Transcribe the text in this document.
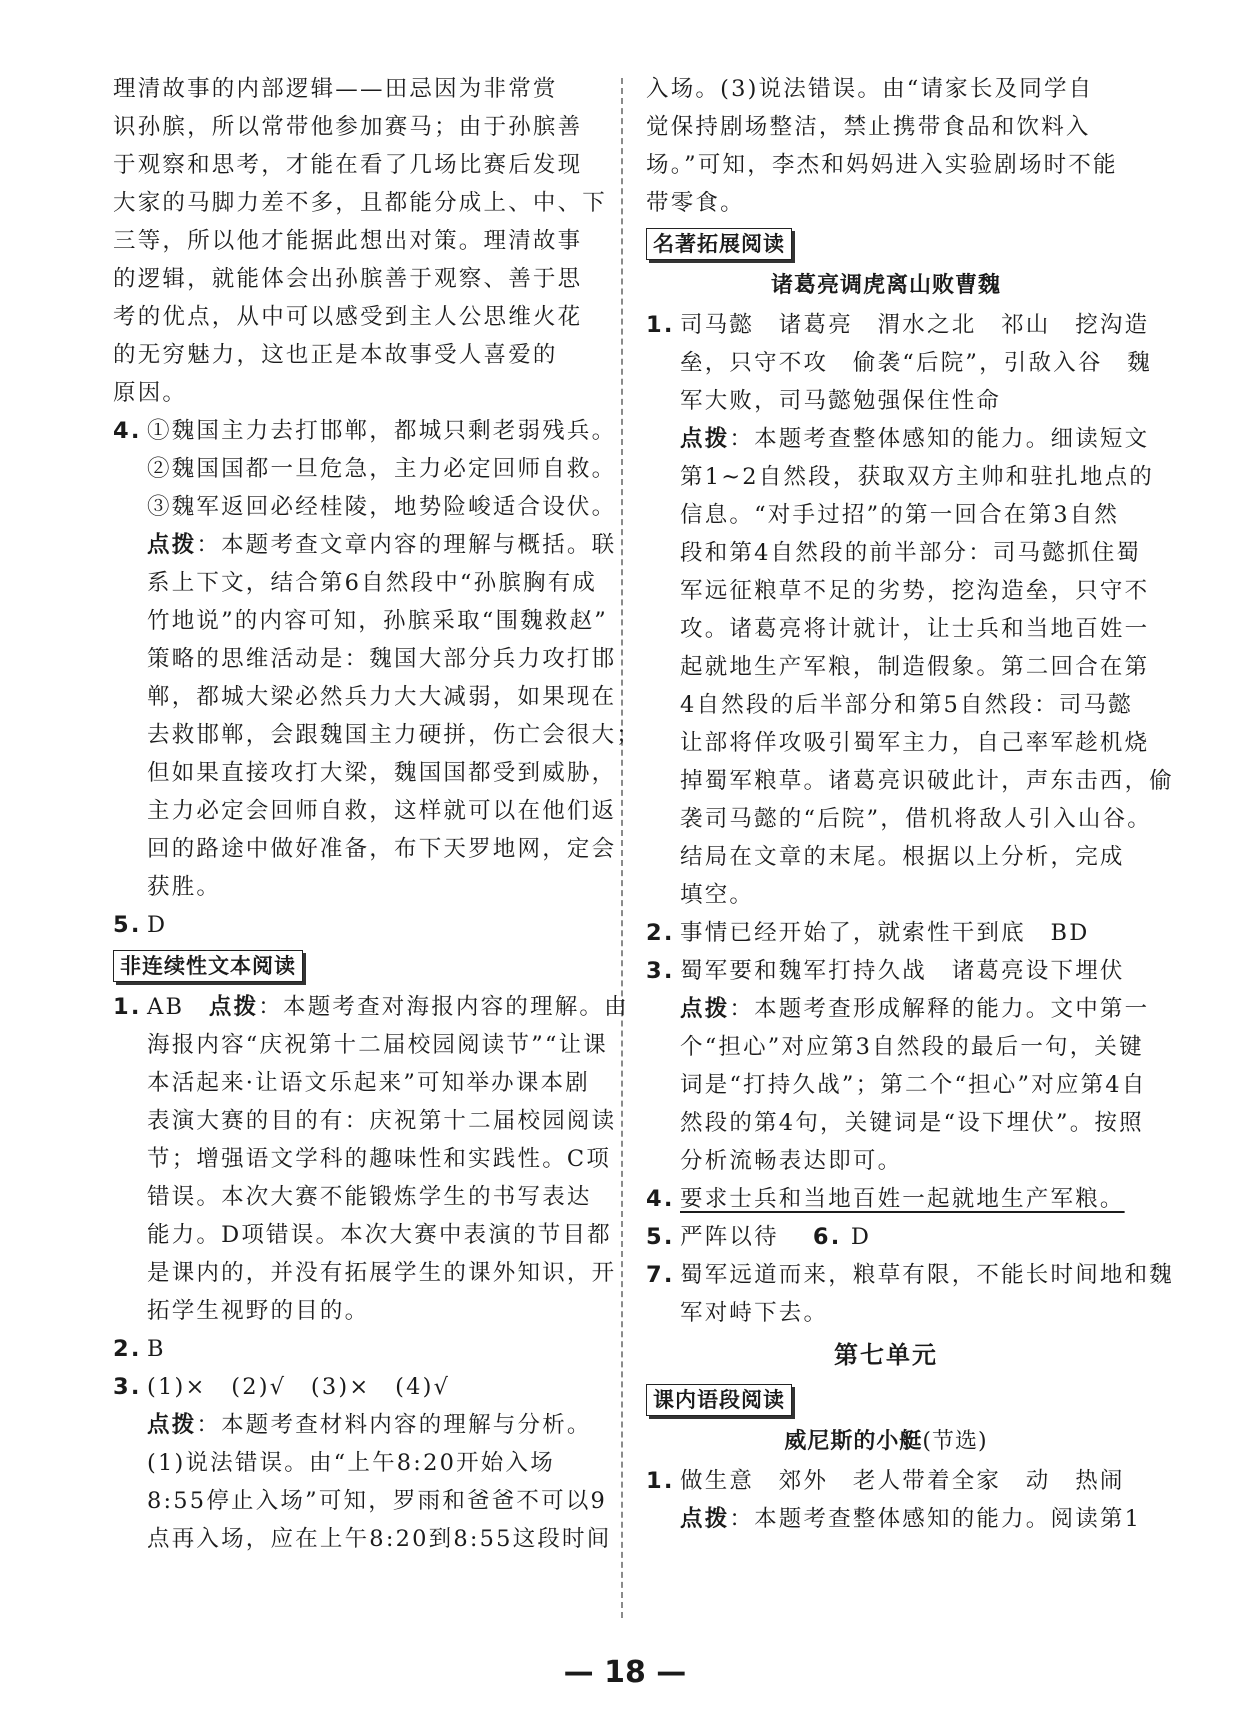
理清故事的内部逻辑——田忌因为非常赏
识孙膑，所以常带他参加赛马；由于孙膑善
于观察和思考，才能在看了几场比赛后发现
大家的马脚力差不多，且都能分成上、中、下
三等，所以他才能据此想出对策。理清故事
的逻辑，就能体会出孙膑善于观察、善于思
考的优点，从中可以感受到主人公思维火花
的无穷魅力，这也正是本故事受人喜爱的
原因。
4. ①魏国主力去打邯郸，都城只剩老弱残兵。
②魏国国都一旦危急，主力必定回师自救。
③魏军返回必经桂陵，地势险峻适合设伏。
点拨：本题考查文章内容的理解与概括。联
系上下文，结合第6自然段中“孙膑胸有成
竹地说”的内容可知，孙膑采取“围魏救赵”
策略的思维活动是：魏国大部分兵力攻打邯
郸，都城大梁必然兵力大大减弱，如果现在
去救邯郸，会跟魏国主力硬拼，伤亡会很大；
但如果直接攻打大梁，魏国国都受到威胁，
主力必定会回师自救，这样就可以在他们返
回的路途中做好准备，布下天罗地网，定会
获胜。
5. D
非连续性文本阅读
1. AB　 点拨：本题考查对海报内容的理解。由
海报内容“庆祝第十二届校园阅读节”“让课
本活起来·让语文乐起来”可知举办课本剧
表演大赛的目的有：庆祝第十二届校园阅读
节；增强语文学科的趣味性和实践性。C项
错误。本次大赛不能锻炼学生的书写表达
能力。D项错误。本次大赛中表演的节目都
是课内的，并没有拓展学生的课外知识，开
拓学生视野的目的。
2. B
3. (1)×　(2)√　(3)×　(4)√
点拨：本题考查材料内容的理解与分析。
(1)说法错误。由“上午8:20开始入场
8:55停止入场”可知，罗雨和爸爸不可以9
点再入场，应在上午8:20到8:55这段时间
入场。(3)说法错误。由“请家长及同学自
觉保持剧场整洁，禁止携带食品和饮料入
场。”可知，李杰和妈妈进入实验剧场时不能
带零食。
名著拓展阅读
诸葛亮调虎离山败曹魏
1. 司马懿　诸葛亮　渭水之北　祁山　挖沟造
垒，只守不攻　偷袭“后院”，引敌入谷　魏
军大败，司马懿勉强保住性命
点拨：本题考查整体感知的能力。细读短文
第1~2自然段，获取双方主帅和驻扎地点的
信息。“对手过招”的第一回合在第3自然
段和第4自然段的前半部分：司马懿抓住蜀
军远征粮草不足的劣势，挖沟造垒，只守不
攻。诸葛亮将计就计，让士兵和当地百姓一
起就地生产军粮，制造假象。第二回合在第
4自然段的后半部分和第5自然段：司马懿
让部将佯攻吸引蜀军主力，自己率军趁机烧
掉蜀军粮草。诸葛亮识破此计，声东击西，偷
袭司马懿的“后院”，借机将敌人引入山谷。
结局在文章的末尾。根据以上分析，完成
填空。
2. 事情已经开始了，就索性干到底　BD
3. 蜀军要和魏军打持久战　诸葛亮设下埋伏
点拨：本题考查形成解释的能力。文中第一
个“担心”对应第3自然段的最后一句，关键
词是“打持久战”；第二个“担心”对应第4自
然段的第4句，关键词是“设下埋伏”。按照
分析流畅表达即可。
4. 要求士兵和当地百姓一起就地生产军粮。
5. 严阵以待　 6. D
7. 蜀军远道而来，粮草有限，不能长时间地和魏
军对峙下去。
第七单元
课内语段阅读
威尼斯的小艇(节选)
1. 做生意　郊外　老人带着全家　动　热闹
点拨：本题考查整体感知的能力。阅读第1
— 18 —
